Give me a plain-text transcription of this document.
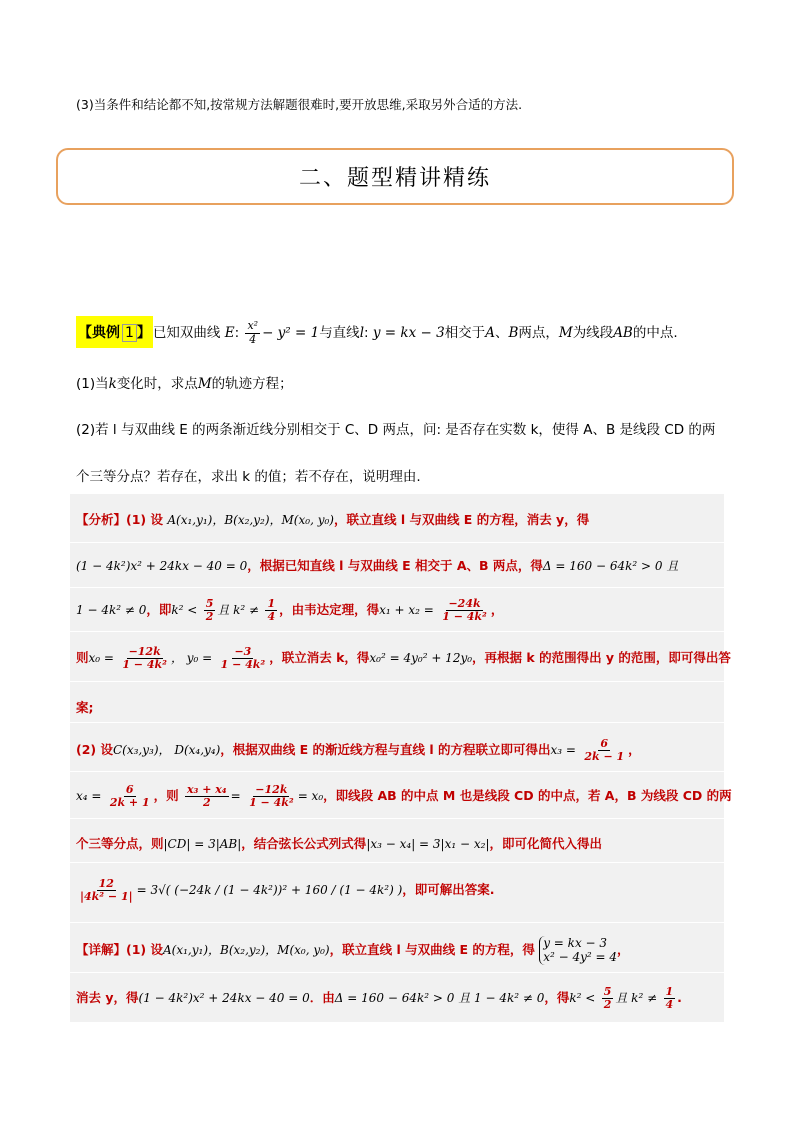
(3)当条件和结论都不知,按常规方法解题很难时,要开放思维,采取另外合适的方法.
二、题型精讲精练
【典例 1 】 已知双曲线 E: $\frac{\text{x²}}{4} - y^2 = 1$与直线l: y = kx − 3相交于A、B两点，M为线段AB的中点.
(1)当k变化时，求点M的轨迹方程；
(2)若 l 与双曲线 E 的两条渐近线分别相交于 C、D 两点，问: 是否存在实数 k，使得 A、B 是线段 CD 的两
个三等分点？若存在，求出 k 的值；若不存在，说明理由.
【分析】(1) 设 A(x₁,y₁)，B(x₂,y₂)，M(x₀, y₀)，联立直线 l 与双曲线 E 的方程，消去 y，得
(1 − 4k²)x² + 24kx − 40 = 0，根据已知直线 l 与双曲线 E 相交于 A、B 两点，得Δ = 160 − 64k² > 0 且
1 − 4k² ≠ 0，即$k^2 < \frac{5}{2}$ 且 $k^2 \ne \frac{1}{4}$ ，由韦达定理，得$x_1 + x_2 = \frac{-24k}{\text{1 − 4k²}}$ ，
则$x_0 = \frac{-12k}{\text{1 − 4k²}}$ ， $y_0 = \frac{-3}{\text{1 − 4k²}}$ ，联立消去 k，得x₀² = 4y₀² + 12y₀，再根据 k 的范围得出 y 的范围，即可得出答
案;
(2) 设C(x₃,y₃)， D(x₄,y₄)，根据双曲线 E 的渐近线方程与直线 l 的方程联立即可得出$x_3 = \frac{6}{2k - 1}$ ，
$x_4 = \frac{6}{2k + 1}$ ，则 $\frac{\text{x₃ + x₄}}{2} = \frac{-12k}{\text{1 − 4k²}} = x_0$，即线段 AB 的中点 M 也是线段 CD 的中点，若 A，B 为线段 CD 的两
个三等分点，则|CD| = 3|AB|，结合弦长公式列式得|x₃ − x₄| = 3|x₁ − x₂|，即可化简代入得出
$\frac{12}{\text{|4k² − 1|}} = 3√$( (−24k / (1 − 4k²))² + 160 / (1 − 4k²) )，即可解出答案.
【详解】(1) 设A(x₁,y₁)，B(x₂,y₂)，M(x₀, y₀)，联立直线 l 与双曲线 E 的方程，得 y = kx − 3
x² − 4y² = 4
，
消去 y，得(1 − 4k²)x² + 24kx − 40 = 0．由Δ = 160 − 64k² > 0 且 1 − 4k² ≠ 0，得$k^2 < \frac{5}{2}$ 且 $k^2 \ne \frac{1}{4}$ .
